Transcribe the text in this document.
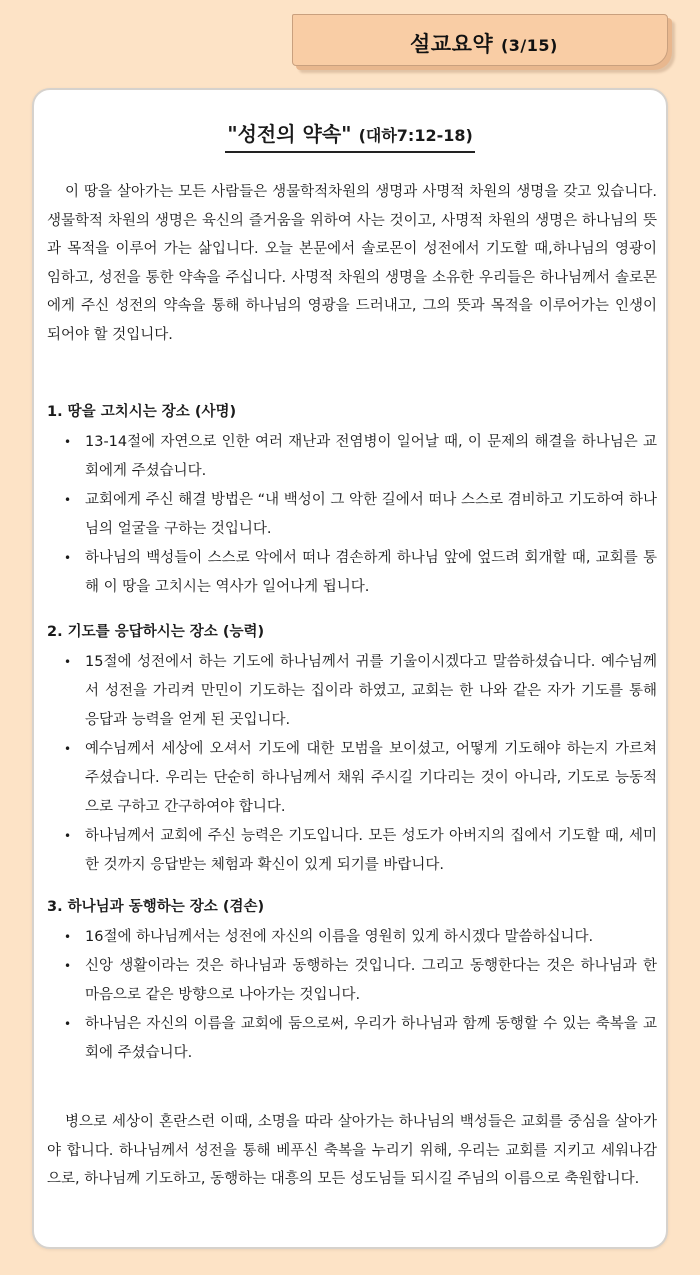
설교요약 (3/15)
"성전의 약속" (대하7:12-18)

이 땅을 살아가는 모든 사람들은 생물학적차원의 생명과 사명적 차원의 생명을 갖고 있습니다. 생물학적 차원의 생명은 육신의 즐거움을 위하여 사는 것이고, 사명적 차원의 생명은 하나님의 뜻과 목적을 이루어 가는 삶입니다. 오늘 본문에서 솔로몬이 성전에서 기도할 때,하나님의 영광이 임하고, 성전을 통한 약속을 주십니다. 사명적 차원의 생명을 소유한 우리들은 하나님께서 솔로몬에게 주신 성전의 약속을 통해 하나님의 영광을 드러내고, 그의 뜻과 목적을 이루어가는 인생이 되어야 할 것입니다.

1. 땅을 고치시는 장소 (사명)

• 13-14절에 자연으로 인한 여러 재난과 전염병이 일어날 때, 이 문제의 해결을 하나님은 교회에게 주셨습니다.
• 교회에게 주신 해결 방법은 “내 백성이 그 악한 길에서 떠나 스스로 겸비하고 기도하여 하나님의 얼굴을 구하는 것입니다.
• 하나님의 백성들이 스스로 악에서 떠나 겸손하게 하나님 앞에 엎드려 회개할 때, 교회를 통해 이 땅을 고치시는 역사가 일어나게 됩니다.

2. 기도를 응답하시는 장소 (능력)

• 15절에 성전에서 하는 기도에 하나님께서 귀를 기울이시겠다고 말씀하셨습니다. 예수님께서 성전을 가리켜 만민이 기도하는 집이라 하였고, 교회는 한 나와 같은 자가 기도를 통해 응답과 능력을 얻게 된 곳입니다.
• 예수님께서 세상에 오셔서 기도에 대한 모범을 보이셨고, 어떻게 기도해야 하는지 가르쳐 주셨습니다. 우리는 단순히 하나님께서 채워 주시길 기다리는 것이 아니라, 기도로 능동적으로 구하고 간구하여야 합니다.
• 하나님께서 교회에 주신 능력은 기도입니다. 모든 성도가 아버지의 집에서 기도할 때, 세미한 것까지 응답받는 체험과 확신이 있게 되기를 바랍니다.

3. 하나님과 동행하는 장소 (겸손)

• 16절에 하나님께서는 성전에 자신의 이름을 영원히 있게 하시겠다 말씀하십니다.
• 신앙 생활이라는 것은 하나님과 동행하는 것입니다. 그리고 동행한다는 것은 하나님과 한 마음으로 같은 방향으로 나아가는 것입니다.
• 하나님은 자신의 이름을 교회에 둠으로써, 우리가 하나님과 함께 동행할 수 있는 축복을 교회에 주셨습니다.

병으로 세상이 혼란스런 이때, 소명을 따라 살아가는 하나님의 백성들은 교회를 중심을 살아가야 합니다. 하나님께서 성전을 통해 베푸신 축복을 누리기 위해, 우리는 교회를 지키고 세워나감으로, 하나님께 기도하고, 동행하는 대흥의 모든 성도님들 되시길 주님의 이름으로 축원합니다.
